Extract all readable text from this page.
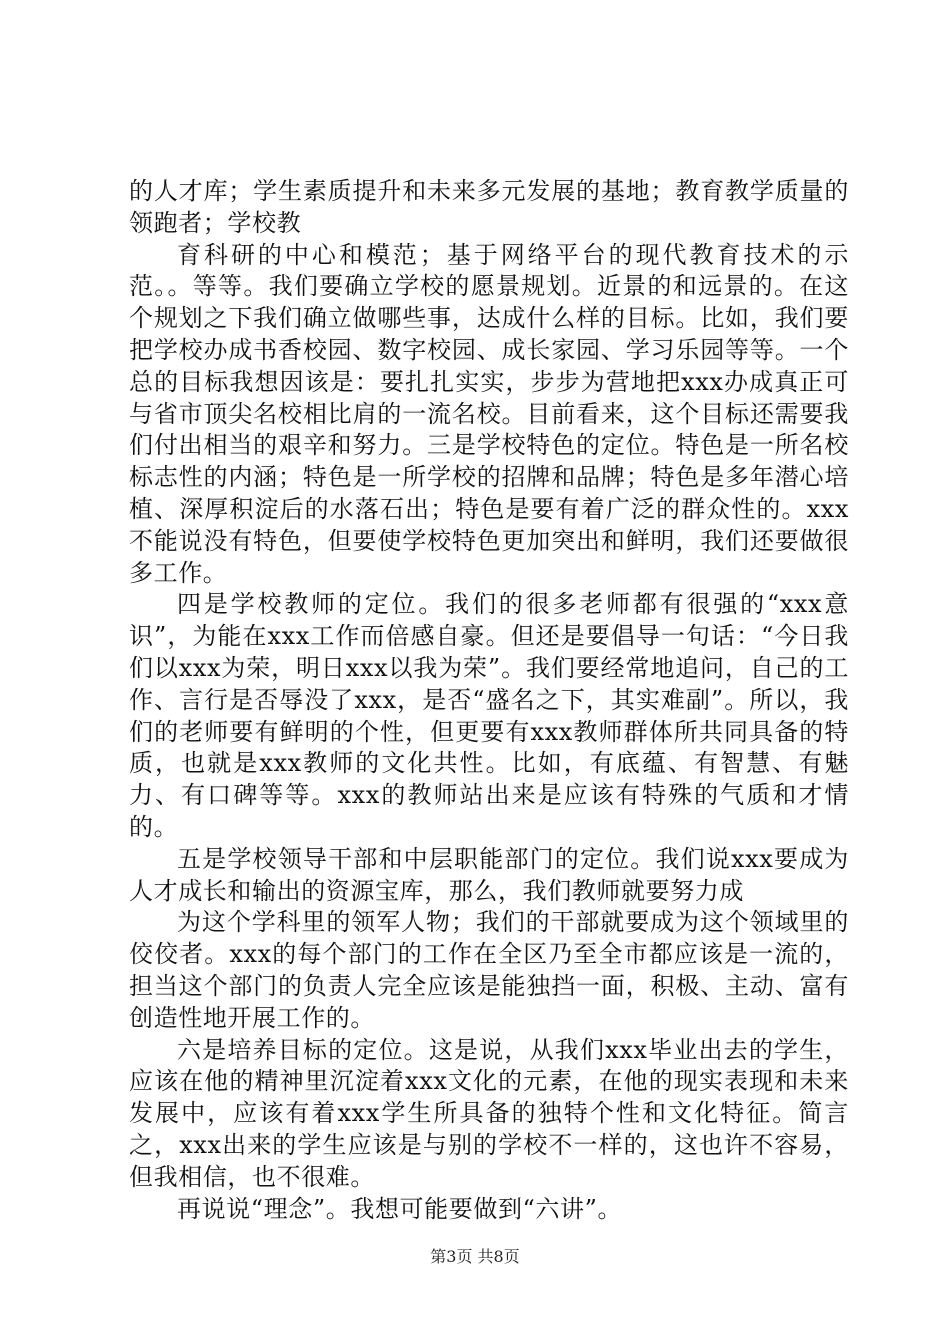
的人才库；学生素质提升和未来多元发展的基地；教育教学质量的领跑者；学校教

育科研的中心和模范；基于网络平台的现代教育技术的示范。。等等。我们要确立学校的愿景规划。近景的和远景的。在这个规划之下我们确立做哪些事，达成什么样的目标。比如，我们要把学校办成书香校园、数字校园、成长家园、学习乐园等等。一个总的目标我想因该是：要扎扎实实，步步为营地把xxx办成真正可与省市顶尖名校相比肩的一流名校。目前看来，这个目标还需要我们付出相当的艰辛和努力。三是学校特色的定位。特色是一所名校标志性的内涵；特色是一所学校的招牌和品牌；特色是多年潜心培植、深厚积淀后的水落石出；特色是要有着广泛的群众性的。xxx不能说没有特色，但要使学校特色更加突出和鲜明，我们还要做很多工作。

四是学校教师的定位。我们的很多老师都有很强的“xxx意识”，为能在xxx工作而倍感自豪。但还是要倡导一句话：“今日我们以xxx为荣，明日xxx以我为荣”。我们要经常地追问，自己的工作、言行是否辱没了xxx，是否“盛名之下，其实难副”。所以，我们的老师要有鲜明的个性，但更要有xxx教师群体所共同具备的特质，也就是xxx教师的文化共性。比如，有底蕴、有智慧、有魅力、有口碑等等。xxx的教师站出来是应该有特殊的气质和才情的。

五是学校领导干部和中层职能部门的定位。我们说xxx要成为人才成长和输出的资源宝库，那么，我们教师就要努力成

为这个学科里的领军人物；我们的干部就要成为这个领域里的佼佼者。xxx的每个部门的工作在全区乃至全市都应该是一流的，担当这个部门的负责人完全应该是能独挡一面，积极、主动、富有创造性地开展工作的。

六是培养目标的定位。这是说，从我们xxx毕业出去的学生，应该在他的精神里沉淀着xxx文化的元素，在他的现实表现和未来发展中，应该有着xxx学生所具备的独特个性和文化特征。简言之，xxx出来的学生应该是与别的学校不一样的，这也许不容易，但我相信，也不很难。

再说说“理念”。我想可能要做到“六讲”。

第3页 共8页
